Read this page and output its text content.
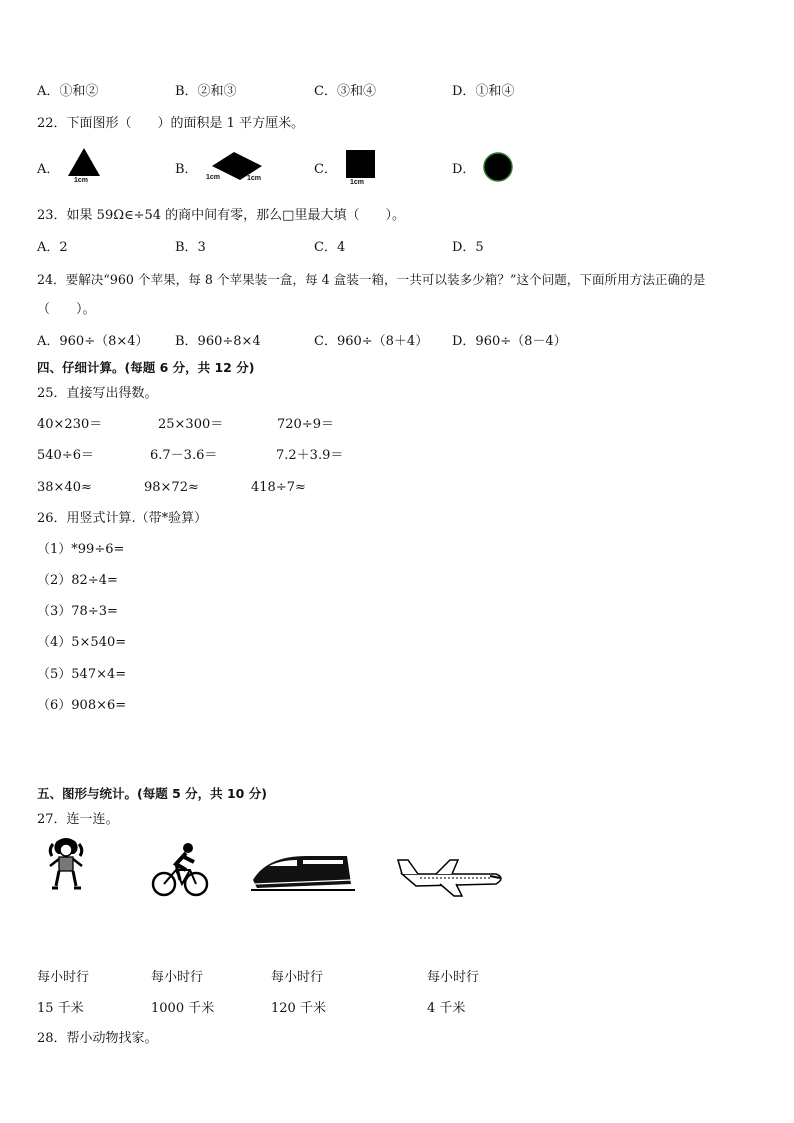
A．①和②	B．②和③	C．③和④	D．①和④
22．下面图形（　　）的面积是 1 平方厘米。
A．
1cm
B．
1cm	1cm
C．
1cm
D．
23．如果 59Ω∈÷54 的商中间有零，那么□里最大填（　　）。
A．2	B．3	C．4	D．5
24．要解决“960 个苹果，每 8 个苹果装一盒，每 4 盒装一箱，一共可以装多少箱？”这个问题，下面所用方法正确的是
（　　）。
A．960÷（8×4） B．960÷8×4	C．960÷（8＋4） D．960÷（8－4）
四、仔细计算。(每题 6 分，共 12 分)
25．直接写出得数。
40×230＝	25×300＝	720÷9＝
540÷6＝	6.7－3.6＝	7.2＋3.9＝
38×40≈	98×72≈	418÷7≈
26．用竖式计算.（带*验算）
（1）*99÷6=
（2）82÷4=
（3）78÷3=
（4）5×540=
（5）547×4=
（6）908×6=
五、图形与统计。(每题 5 分，共 10 分)
27．连一连。
每小时行	每小时行	每小时行	每小时行
15 千米	1000 千米	120 千米	4 千米
28．帮小动物找家。
